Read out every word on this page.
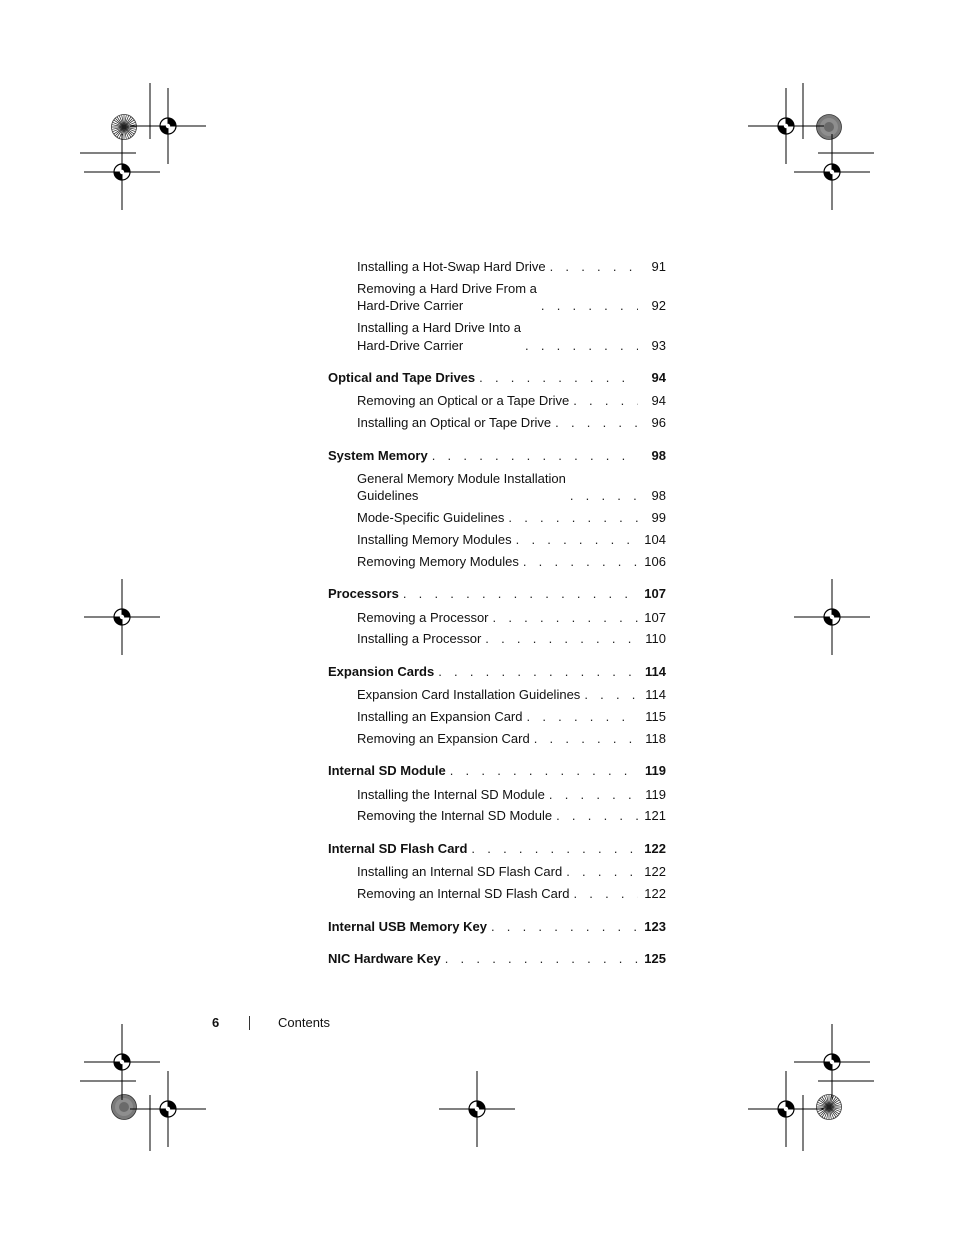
Installing a Hot-Swap Hard Drive . . .	91
Removing a Hard Drive From a
Hard-Drive Carrier . . .	92
Installing a Hard Drive Into a
Hard-Drive Carrier . . .	93
Optical and Tape Drives . . .	94
Removing an Optical or a Tape Drive . . .	94
Installing an Optical or Tape Drive . . .	96
System Memory . . .	98
General Memory Module Installation
Guidelines . . .	98
Mode-Specific Guidelines . . .	99
Installing Memory Modules . . .	104
Removing Memory Modules . . .	106
Processors . . .	107
Removing a Processor . . .	107
Installing a Processor . . .	110
Expansion Cards . . .	114
Expansion Card Installation Guidelines . . .	114
Installing an Expansion Card . . .	115
Removing an Expansion Card . . .	118
Internal SD Module . . .	119
Installing the Internal SD Module . . .	119
Removing the Internal SD Module . . .	121
Internal SD Flash Card . . .	122
Installing an Internal SD Flash Card . . .	122
Removing an Internal SD Flash Card . . .	122
Internal USB Memory Key . . .	123
NIC Hardware Key . . .	125
6	Contents
